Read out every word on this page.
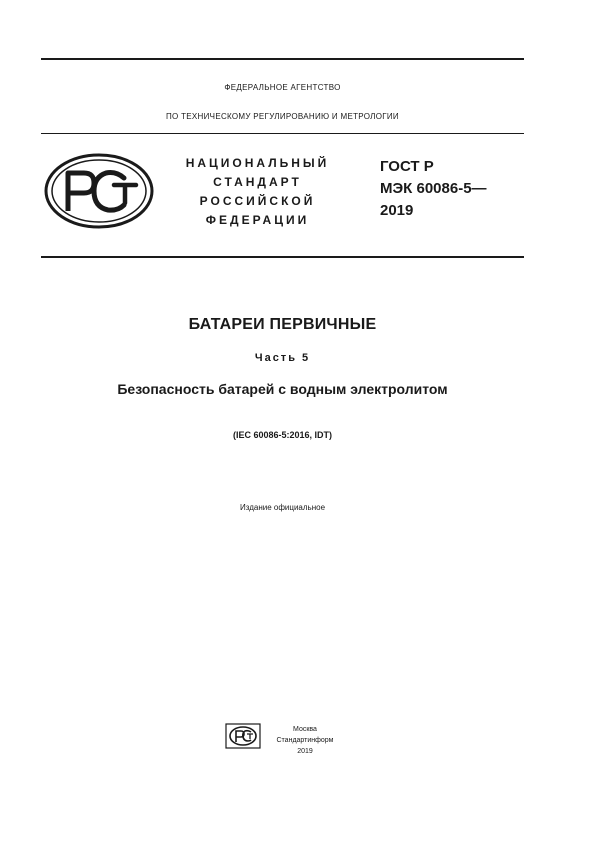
ФЕДЕРАЛЬНОЕ АГЕНТСТВО
ПО ТЕХНИЧЕСКОМУ РЕГУЛИРОВАНИЮ И МЕТРОЛОГИИ
НАЦИОНАЛЬНЫЙ
СТАНДАРТ
РОССИЙСКОЙ
ФЕДЕРАЦИИ
ГОСТ Р
МЭК 60086-5—
2019
БАТАРЕИ ПЕРВИЧНЫЕ
Часть 5
Безопасность батарей с водным электролитом
(IEC 60086-5:2016, IDT)
Издание официальное
Москва
Стандартинформ
2019
